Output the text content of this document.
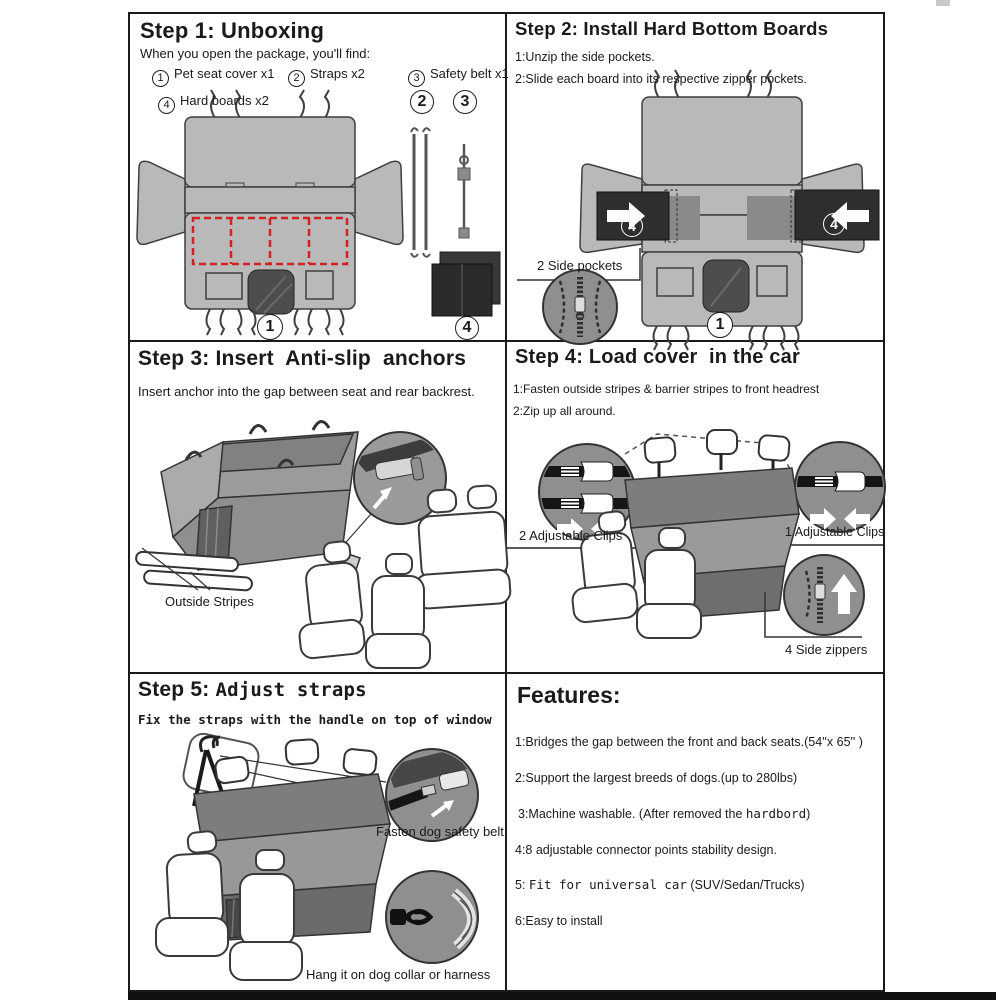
Step 1: Unboxing
When you open the package, you'll find:
1 Pet seat cover x1	2 Straps x2	3 Safety belt x1
4 Hard boards x2	2	3
1	4
Step 2: Install Hard Bottom Boards
1:Unzip the side pockets.
2:Slide each board into its respective zipper pockets.
2 Side pockets
4	4
1
Step 3: Insert  Anti-slip  anchors
Insert anchor into the gap between seat and rear backrest.
Outside Stripes
Step 4: Load cover  in the car
1:Fasten outside stripes & barrier stripes to front headrest
2:Zip up all around.
2 Adjustable Clips	1 Adjustable Clips
4 Side zippers
Step 5: Adjust straps
Fix the straps with the handle on top of window
Fasten dog safety belt
Hang it on dog collar or harness
Features:
1:Bridges the gap between the front and back seats.(54''x 65'' )
2:Support the largest breeds of dogs.(up to 280lbs)
3:Machine washable. (After removed the hardbord)
4:8 adjustable connector points stability design.
5: Fit for universal car (SUV/Sedan/Trucks)
6:Easy to install
